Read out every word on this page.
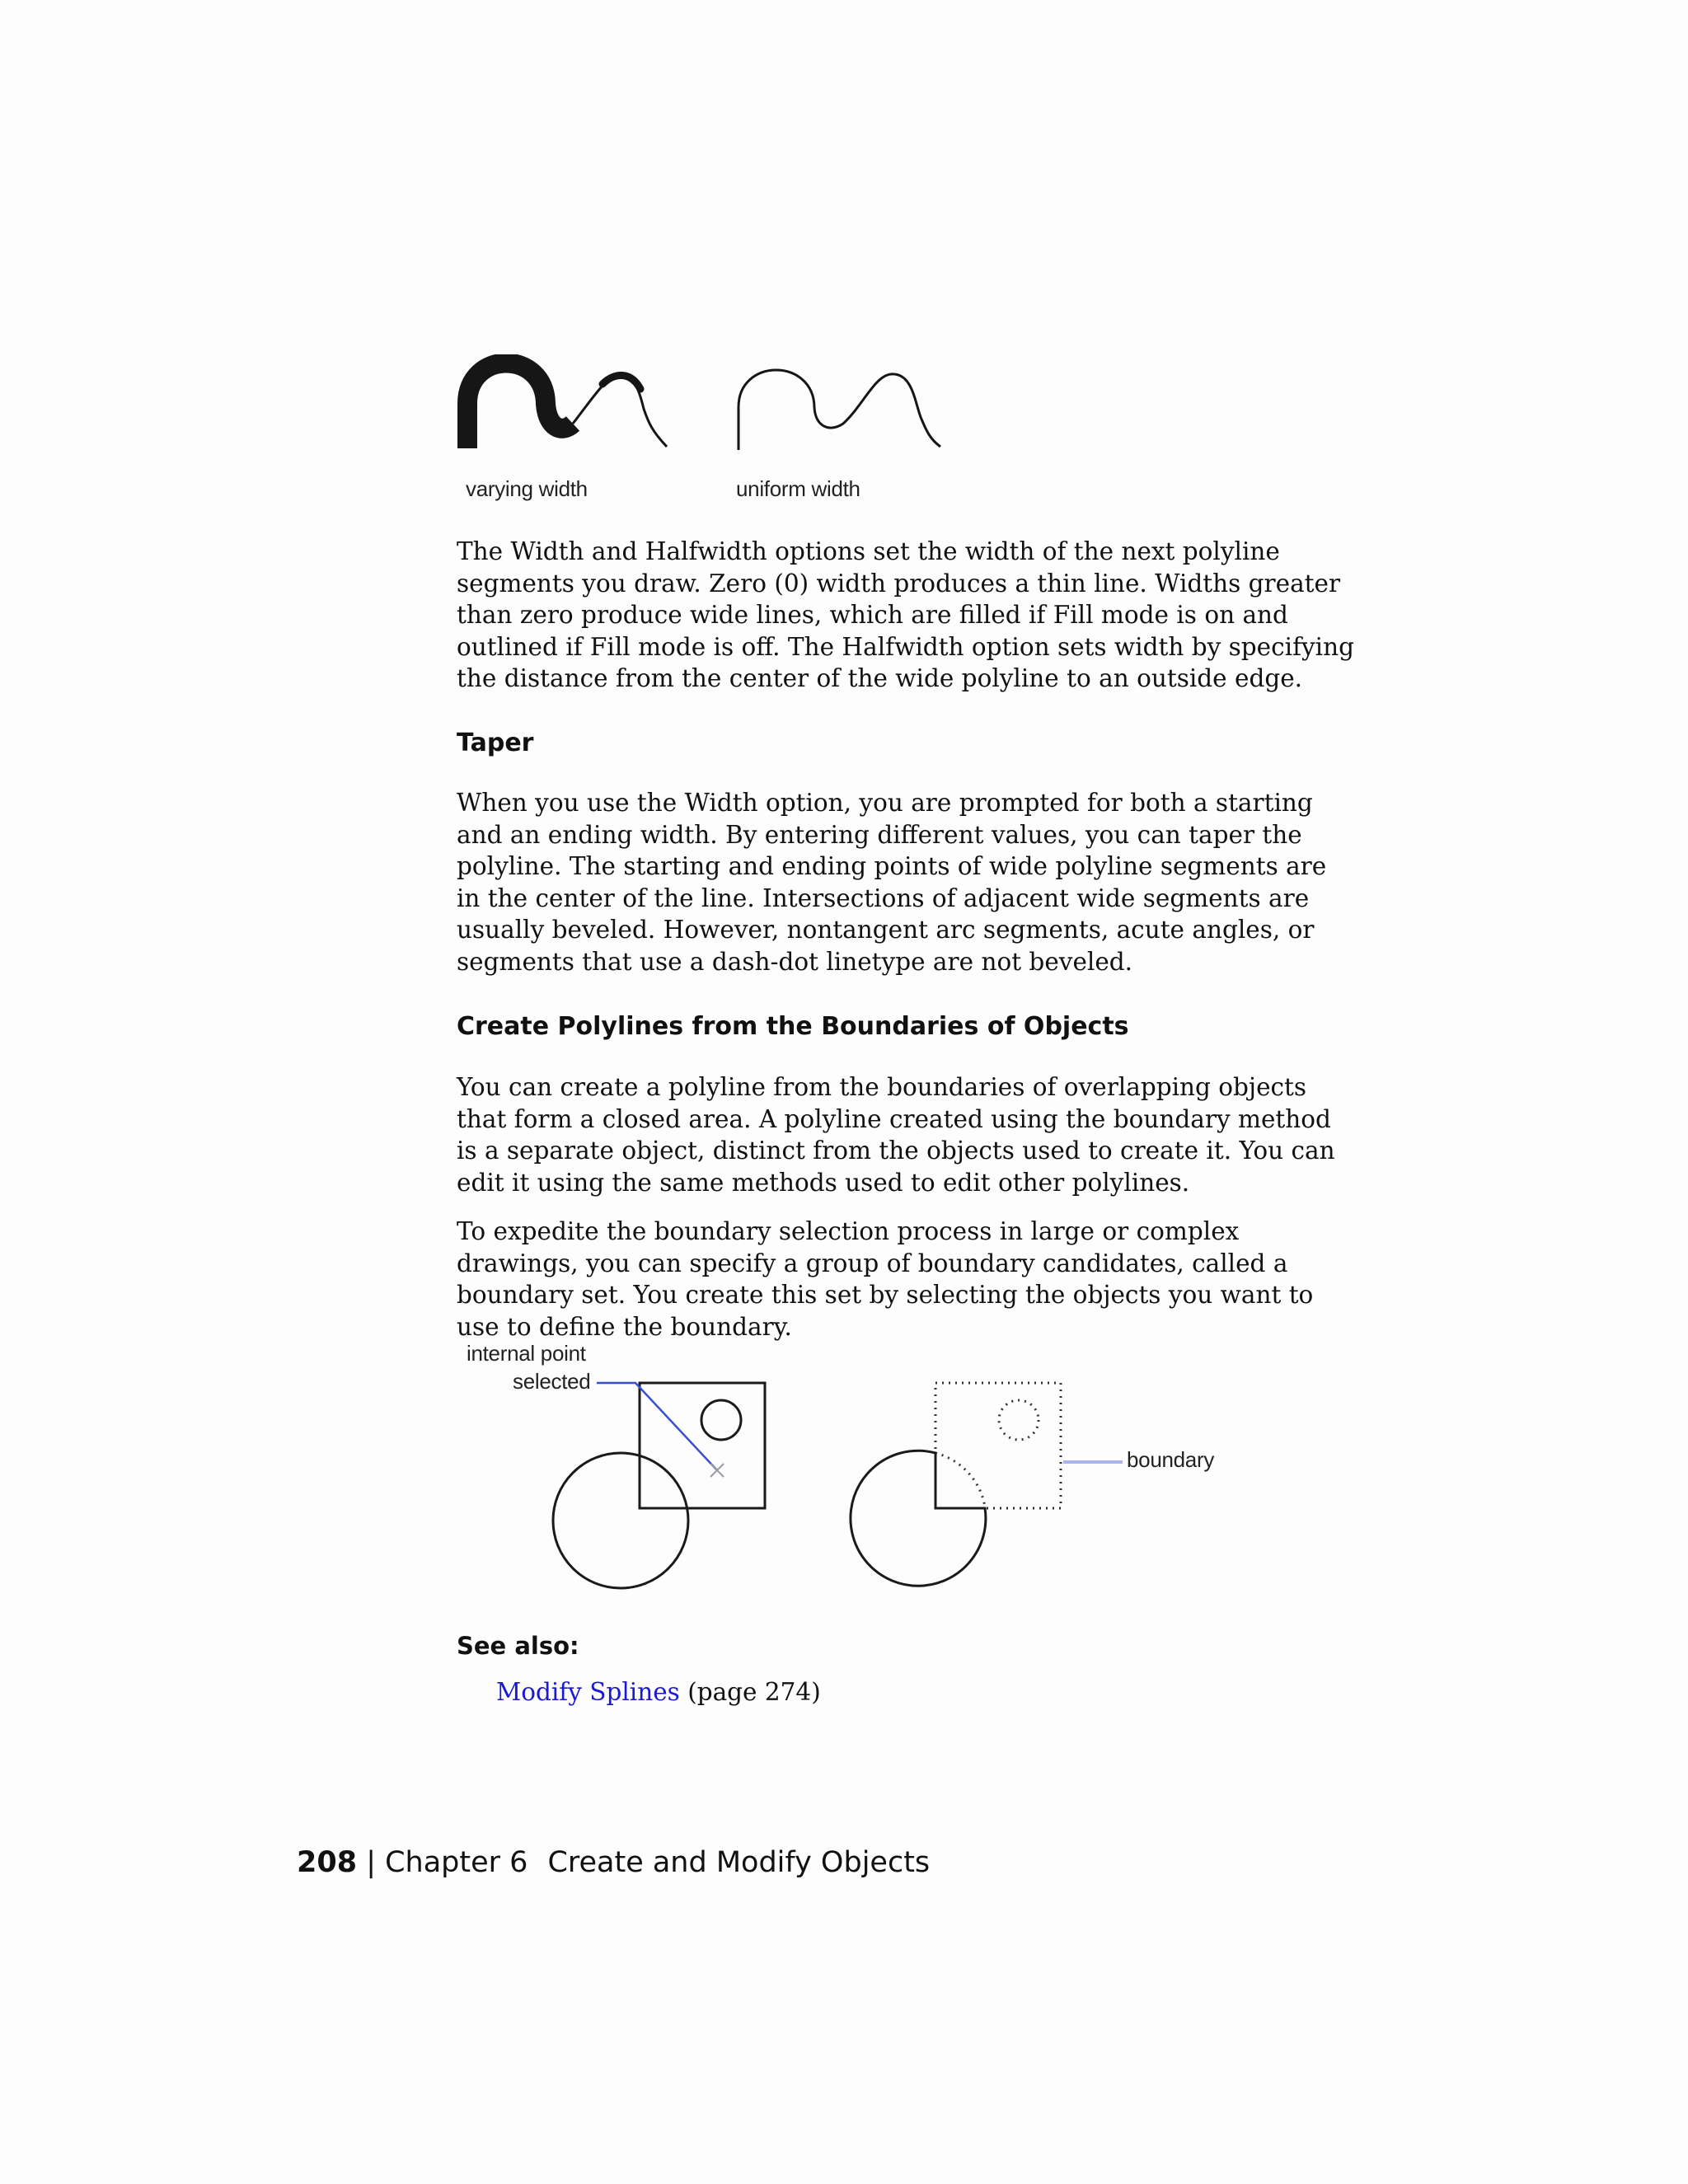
varying width	uniform width

The Width and Halfwidth options set the width of the next polyline segments you draw. Zero (0) width produces a thin line. Widths greater than zero produce wide lines, which are filled if Fill mode is on and outlined if Fill mode is off. The Halfwidth option sets width by specifying the distance from the center of the wide polyline to an outside edge.

Taper

When you use the Width option, you are prompted for both a starting and an ending width. By entering different values, you can taper the polyline. The starting and ending points of wide polyline segments are in the center of the line. Intersections of adjacent wide segments are usually beveled. However, nontangent arc segments, acute angles, or segments that use a dash-dot linetype are not beveled.

Create Polylines from the Boundaries of Objects

You can create a polyline from the boundaries of overlapping objects that form a closed area. A polyline created using the boundary method is a separate object, distinct from the objects used to create it. You can edit it using the same methods used to edit other polylines.

To expedite the boundary selection process in large or complex drawings, you can specify a group of boundary candidates, called a boundary set. You create this set by selecting the objects you want to use to define the boundary.

internal point
selected
boundary
See also:
Modify Splines (page 274)
208 | Chapter 6 Create and Modify Objects
